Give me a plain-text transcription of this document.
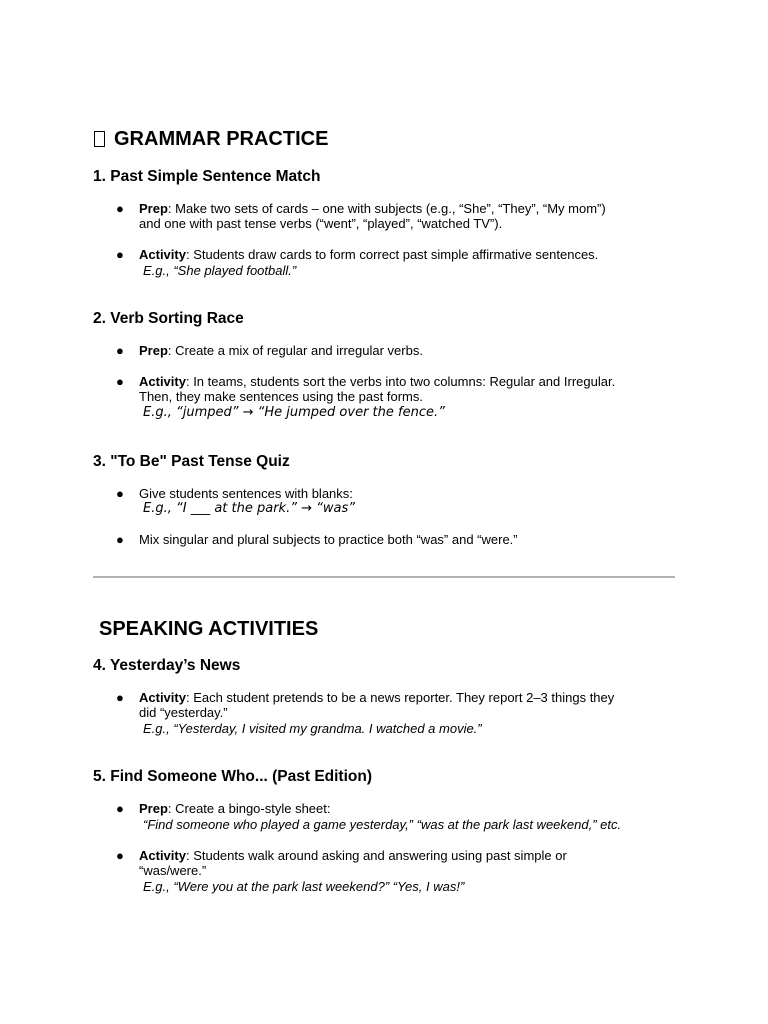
GRAMMAR PRACTICE
1. Past Simple Sentence Match
● Prep: Make two sets of cards – one with subjects (e.g., “She”, “They”, “My mom”)
and one with past tense verbs (“went”, “played”, “watched TV”).
● Activity: Students draw cards to form correct past simple affirmative sentences.
E.g., “She played football.”
2. Verb Sorting Race
● Prep: Create a mix of regular and irregular verbs.
● Activity: In teams, students sort the verbs into two columns: Regular and Irregular.
Then, they make sentences using the past forms.
E.g., “jumped” → “He jumped over the fence.”
3. "To Be" Past Tense Quiz
● Give students sentences with blanks:
E.g., “I ___ at the park.” → “was”
● Mix singular and plural subjects to practice both “was” and “were.”
SPEAKING ACTIVITIES
4. Yesterday’s News
● Activity: Each student pretends to be a news reporter. They report 2–3 things they
did “yesterday.”
E.g., “Yesterday, I visited my grandma. I watched a movie.”
5. Find Someone Who... (Past Edition)
● Prep: Create a bingo-style sheet:
“Find someone who played a game yesterday,” “was at the park last weekend,” etc.
● Activity: Students walk around asking and answering using past simple or
“was/were.”
E.g., “Were you at the park last weekend?” “Yes, I was!”
